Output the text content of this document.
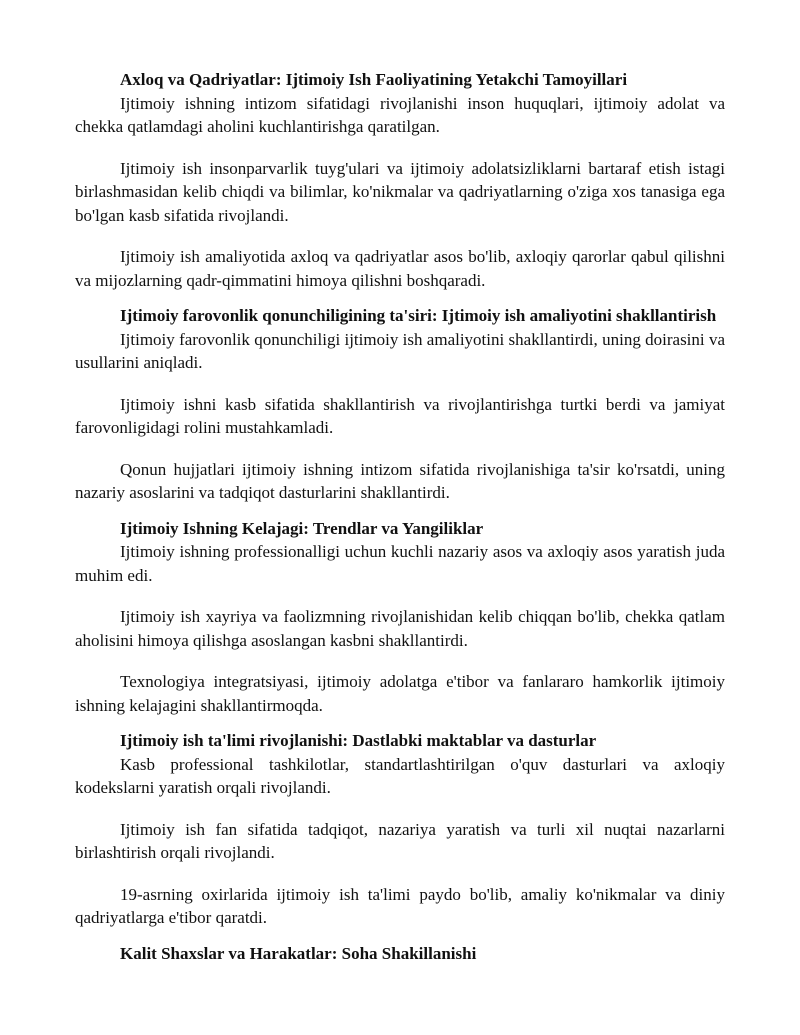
Axloq va Qadriyatlar: Ijtimoiy Ish Faoliyatining Yetakchi Tamoyillari

Ijtimoiy ishning intizom sifatidagi rivojlanishi inson huquqlari, ijtimoiy adolat va chekka qatlamdagi aholini kuchlantirishga qaratilgan.

Ijtimoiy ish insonparvarlik tuyg'ulari va ijtimoiy adolatsizliklarni bartaraf etish istagi birlashmasidan kelib chiqdi va bilimlar, ko'nikmalar va qadriyatlarning o'ziga xos tanasiga ega bo'lgan kasb sifatida rivojlandi.

Ijtimoiy ish amaliyotida axloq va qadriyatlar asos bo'lib, axloqiy qarorlar qabul qilishni va mijozlarning qadr-qimmatini himoya qilishni boshqaradi.

Ijtimoiy farovonlik qonunchiligining ta'siri: Ijtimoiy ish amaliyotini shakllantirish

Ijtimoiy farovonlik qonunchiligi ijtimoiy ish amaliyotini shakllantirdi, uning doirasini va usullarini aniqladi.

Ijtimoiy ishni kasb sifatida shakllantirish va rivojlantirishga turtki berdi va jamiyat farovonligidagi rolini mustahkamladi.

Qonun hujjatlari ijtimoiy ishning intizom sifatida rivojlanishiga ta'sir ko'rsatdi, uning nazariy asoslarini va tadqiqot dasturlarini shakllantirdi.

Ijtimoiy Ishning Kelajagi: Trendlar va Yangiliklar

Ijtimoiy ishning professionalligi uchun kuchli nazariy asos va axloqiy asos yaratish juda muhim edi.

Ijtimoiy ish xayriya va faolizmning rivojlanishidan kelib chiqqan bo'lib, chekka qatlam aholisini himoya qilishga asoslangan kasbni shakllantirdi.

Texnologiya integratsiyasi, ijtimoiy adolatga e'tibor va fanlararo hamkorlik ijtimoiy ishning kelajagini shakllantirmoqda.

Ijtimoiy ish ta'limi rivojlanishi: Dastlabki maktablar va dasturlar

Kasb professional tashkilotlar, standartlashtirilgan o'quv dasturlari va axloqiy kodekslarni yaratish orqali rivojlandi.

Ijtimoiy ish fan sifatida tadqiqot, nazariya yaratish va turli xil nuqtai nazarlarni birlashtirish orqali rivojlandi.

19-asrning oxirlarida ijtimoiy ish ta'limi paydo bo'lib, amaliy ko'nikmalar va diniy qadriyatlarga e'tibor qaratdi.

Kalit Shaxslar va Harakatlar: Soha Shakillanishi
